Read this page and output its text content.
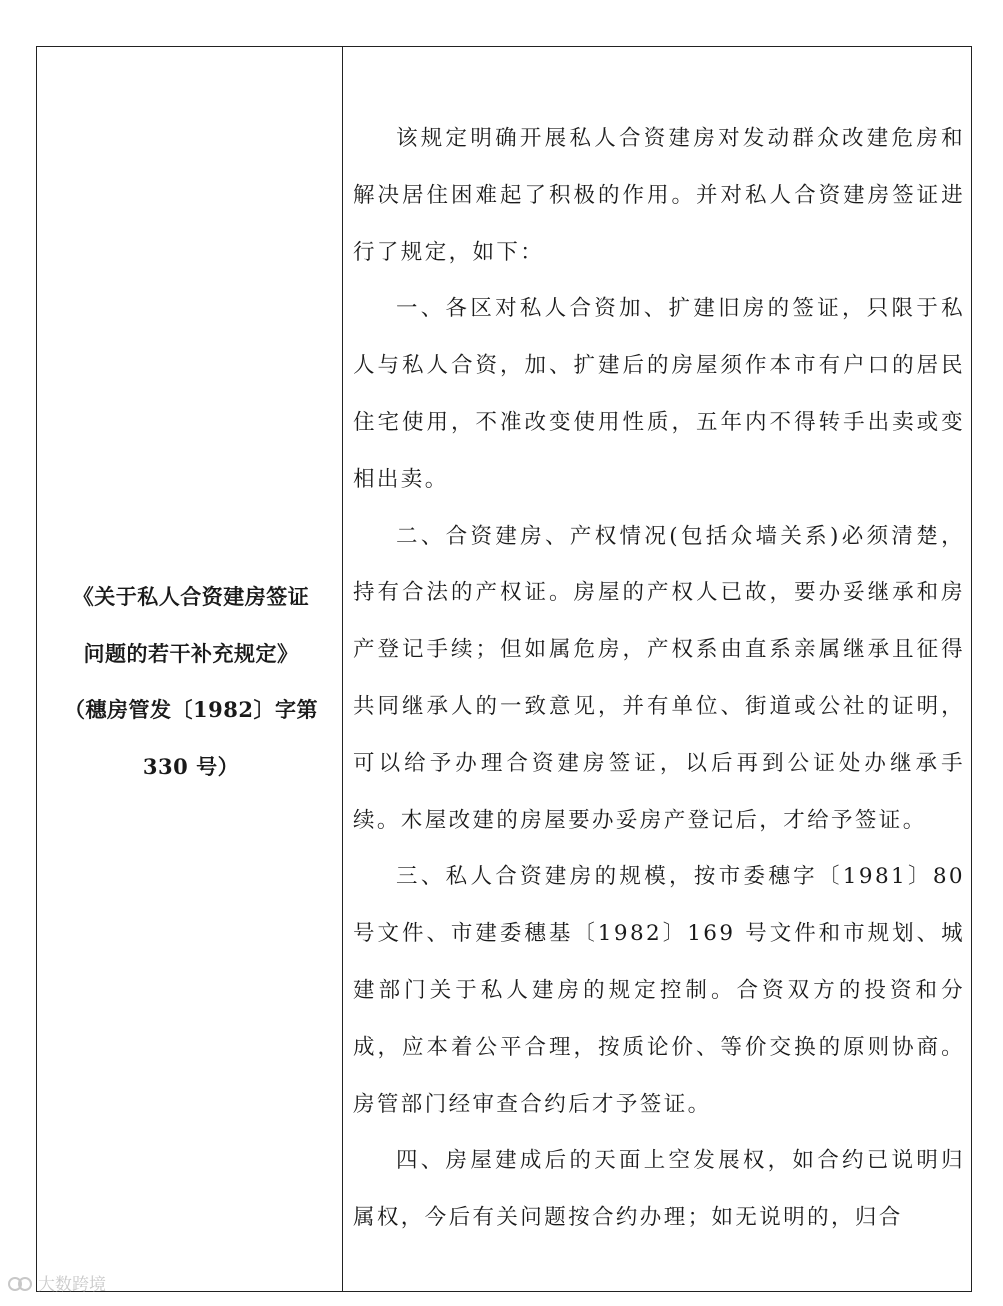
《关于私人合资建房签证
问题的若干补充规定》
（穗房管发〔1982〕字第
330 号）

该规定明确开展私人合资建房对发动群众改建危房和解决居住困难起了积极的作用。并对私人合资建房签证进行了规定，如下：

一、各区对私人合资加、扩建旧房的签证，只限于私人与私人合资，加、扩建后的房屋须作本市有户口的居民住宅使用，不准改变使用性质，五年内不得转手出卖或变相出卖。

二、合资建房、产权情况(包括众墙关系)必须清楚，持有合法的产权证。房屋的产权人已故，要办妥继承和房产登记手续；但如属危房，产权系由直系亲属继承且征得共同继承人的一致意见，并有单位、街道或公社的证明，可以给予办理合资建房签证，以后再到公证处办继承手续。木屋改建的房屋要办妥房产登记后，才给予签证。

三、私人合资建房的规模，按市委穗字〔1981〕80号文件、市建委穗基〔1982〕169 号文件和市规划、城建部门关于私人建房的规定控制。合资双方的投资和分成，应本着公平合理，按质论价、等价交换的原则协商。房管部门经审查合约后才予签证。

四、房屋建成后的天面上空发展权，如合约已说明归属权，今后有关问题按合约办理；如无说明的，归合

大数跨境
